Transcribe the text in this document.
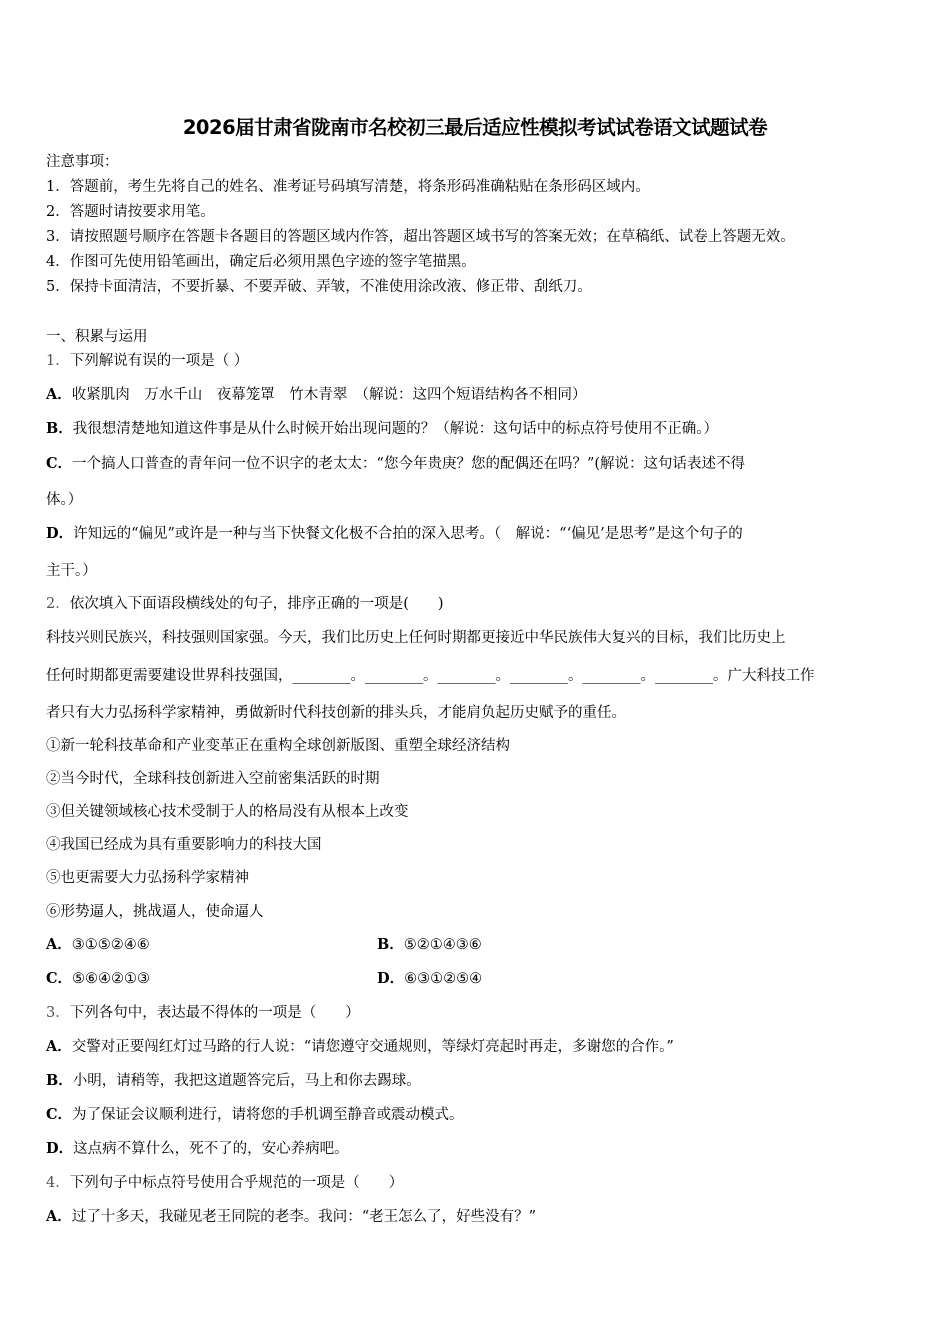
2026届甘肃省陇南市名校初三最后适应性模拟考试试卷语文试题试卷
注意事项：
1．答题前，考生先将自己的姓名、准考证号码填写清楚，将条形码准确粘贴在条形码区域内。
2．答题时请按要求用笔。
3．请按照题号顺序在答题卡各题目的答题区域内作答，超出答题区域书写的答案无效；在草稿纸、试卷上答题无效。
4．作图可先使用铅笔画出，确定后必须用黑色字迹的签字笔描黑。
5．保持卡面清洁，不要折暴、不要弄破、弄皱，不准使用涂改液、修正带、刮纸刀。
一、积累与运用
1．下列解说有误的一项是（ ）
A．收紧肌肉　万水千山　夜幕笼罩　竹木青翠　（解说：这四个短语结构各不相同）
B．我很想清楚地知道这件事是从什么时候开始出现问题的？（解说：这句话中的标点符号使用不正确。）
C．一个搞人口普查的青年问一位不识字的老太太：“您今年贵庚？您的配偶还在吗？”(解说：这句话表述不得
体。）
D．许知远的“偏见”或许是一种与当下快餐文化极不合拍的深入思考。（　解说：“‘偏见’是思考”是这个句子的
主干。）
2．依次填入下面语段横线处的句子，排序正确的一项是(　　)
科技兴则民族兴，科技强则国家强。今天，我们比历史上任何时期都更接近中华民族伟大复兴的目标，我们比历史上
任何时期都更需要建设世界科技强国，________。________。________。________。________。________。广大科技工作
者只有大力弘扬科学家精神，勇做新时代科技创新的排头兵，才能肩负起历史赋予的重任。
①新一轮科技革命和产业变革正在重构全球创新版图、重塑全球经济结构
②当今时代，全球科技创新进入空前密集活跃的时期
③但关键领域核心技术受制于人的格局没有从根本上改变
④我国已经成为具有重要影响力的科技大国
⑤也更需要大力弘扬科学家精神
⑥形势逼人，挑战逼人，使命逼人
A．③①⑤②④⑥	B．⑤②①④③⑥
C．⑤⑥④②①③	D．⑥③①②⑤④
3．下列各句中，表达最不得体的一项是（　　）
A．交警对正要闯红灯过马路的行人说：“请您遵守交通规则，等绿灯亮起时再走，多谢您的合作。”
B．小明，请稍等，我把这道题答完后，马上和你去踢球。
C．为了保证会议顺利进行，请将您的手机调至静音或震动模式。
D．这点病不算什么，死不了的，安心养病吧。
4．下列句子中标点符号使用合乎规范的一项是（　　）
A．过了十多天，我碰见老王同院的老李。我问：“老王怎么了，好些没有？”
